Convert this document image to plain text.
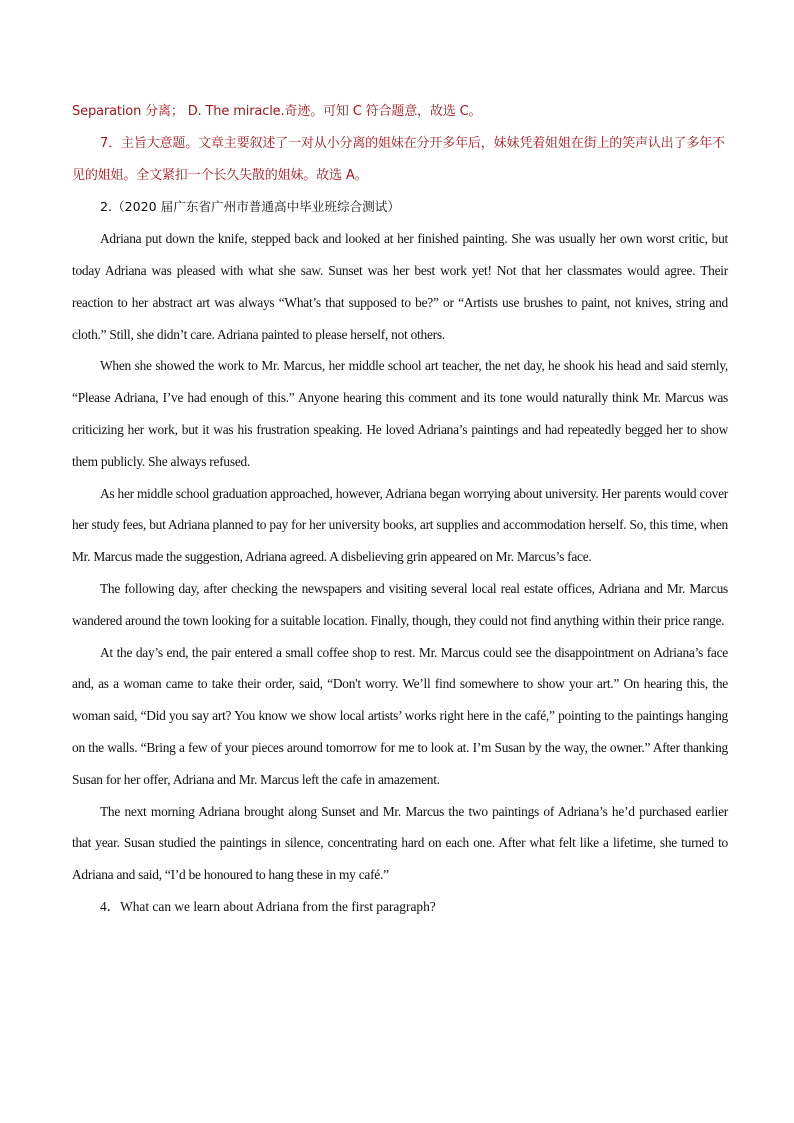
Separation 分离； D. The miracle.奇迹。可知 C 符合题意，故选 C。

7．主旨大意题。文章主要叙述了一对从小分离的姐妹在分开多年后，妹妹凭着姐姐在街上的笑声认出了多年不见的姐姐。全文紧扣一个长久失散的姐妹。故选 A。

2.（2020 届广东省广州市普通高中毕业班综合测试）

Adriana put down the knife, stepped back and looked at her finished painting. She was usually her own worst critic, but today Adriana was pleased with what she saw. Sunset was her best work yet! Not that her classmates would agree. Their reaction to her abstract art was always “What’s that supposed to be?” or “Artists use brushes to paint, not knives, string and cloth.” Still, she didn’t care. Adriana painted to please herself, not others.

When she showed the work to Mr. Marcus, her middle school art teacher, the net day, he shook his head and said sternly, “Please Adriana, I’ve had enough of this.” Anyone hearing this comment and its tone would naturally think Mr. Marcus was criticizing her work, but it was his frustration speaking. He loved Adriana’s paintings and had repeatedly begged her to show them publicly. She always refused.

As her middle school graduation approached, however, Adriana began worrying about university. Her parents would cover her study fees, but Adriana planned to pay for her university books, art supplies and accommodation herself. So, this time, when Mr. Marcus made the suggestion, Adriana agreed. A disbelieving grin appeared on Mr. Marcus’s face.

The following day, after checking the newspapers and visiting several local real estate offices, Adriana and Mr. Marcus wandered around the town looking for a suitable location. Finally, though, they could not find anything within their price range.

At the day’s end, the pair entered a small coffee shop to rest. Mr. Marcus could see the disappointment on Adriana’s face and, as a woman came to take their order, said, “Don't worry. We’ll find somewhere to show your art.” On hearing this, the woman said, “Did you say art? You know we show local artists’ works right here in the café,” pointing to the paintings hanging on the walls. “Bring a few of your pieces around tomorrow for me to look at. I’m Susan by the way, the owner.” After thanking Susan for her offer, Adriana and Mr. Marcus left the cafe in amazement.

The next morning Adriana brought along Sunset and Mr. Marcus the two paintings of Adriana’s he’d purchased earlier that year. Susan studied the paintings in silence, concentrating hard on each one. After what felt like a lifetime, she turned to Adriana and said, “I’d be honoured to hang these in my café.”

4．What can we learn about Adriana from the first paragraph?
